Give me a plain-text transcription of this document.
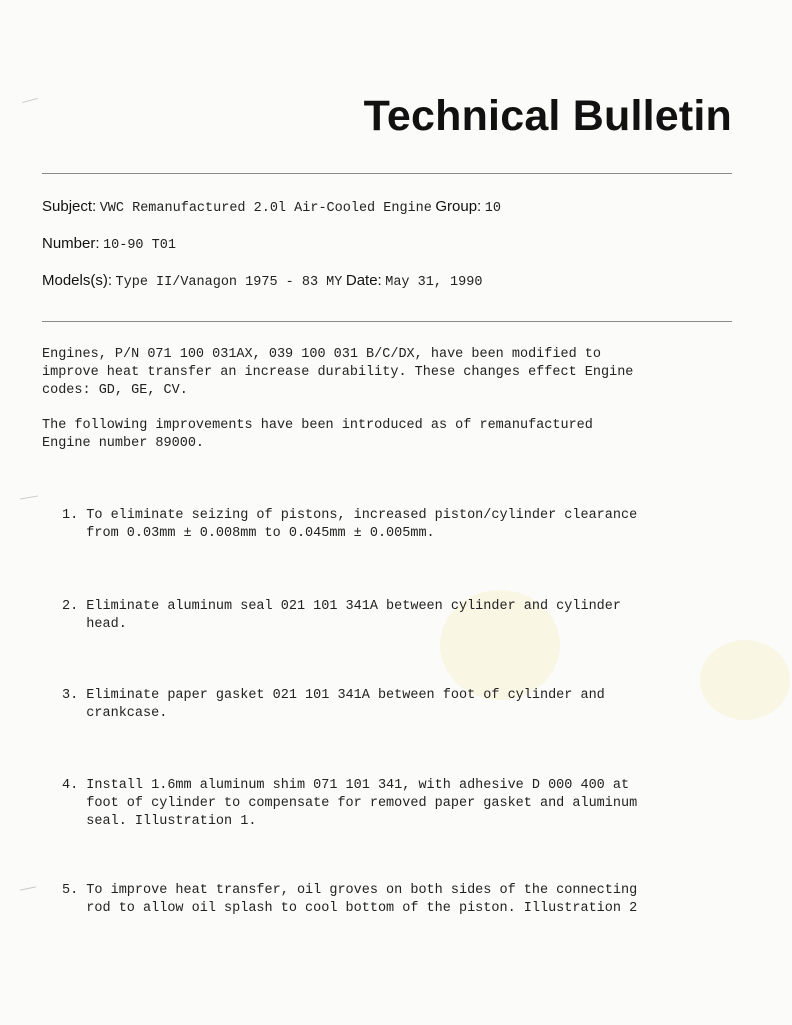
Technical Bulletin
Subject: VWC Remanufactured 2.0l Air-Cooled Engine Group: 10
Number: 10-90 T01
Models(s): Type II/Vanagon 1975 - 83 MY Date: May 31, 1990
Engines, P/N 071 100 031AX, 039 100 031 B/C/DX, have been modified to
improve heat transfer an increase durability. These changes effect Engine
codes: GD, GE, CV.
The following improvements have been introduced as of remanufactured
Engine number 89000.
1. To eliminate seizing of pistons, increased piston/cylinder clearance
from 0.03mm ± 0.008mm to 0.045mm ± 0.005mm.
2. Eliminate aluminum seal 021 101 341A between cylinder and cylinder
head.
3. Eliminate paper gasket 021 101 341A between foot of cylinder and
crankcase.
4. Install 1.6mm aluminum shim 071 101 341, with adhesive D 000 400 at
foot of cylinder to compensate for removed paper gasket and aluminum
seal. Illustration 1.
5. To improve heat transfer, oil groves on both sides of the connecting
rod to allow oil splash to cool bottom of the piston. Illustration 2
